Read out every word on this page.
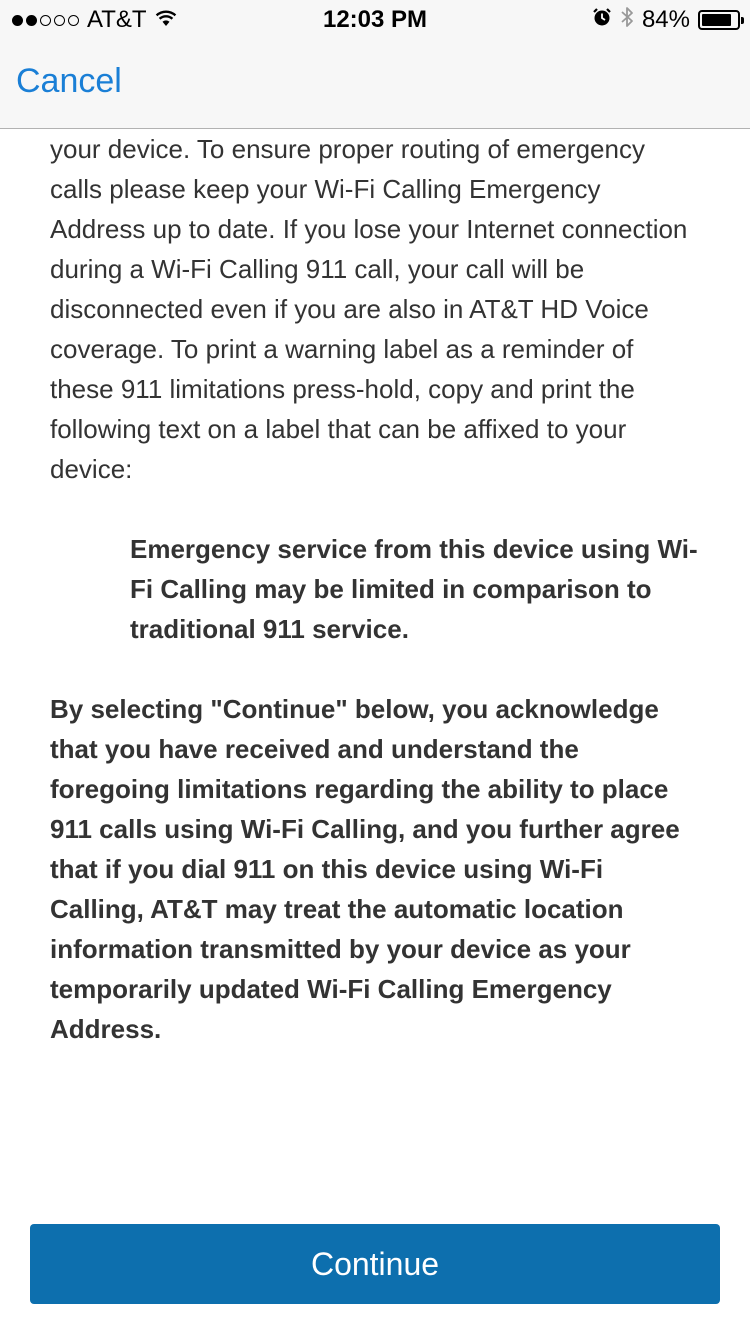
AT&T	12:03 PM	84%
Cancel

your device. To ensure proper routing of emergency calls please keep your Wi-Fi Calling Emergency Address up to date. If you lose your Internet connection during a Wi-Fi Calling 911 call, your call will be disconnected even if you are also in AT&T HD Voice coverage. To print a warning label as a reminder of these 911 limitations press-hold, copy and print the following text on a label that can be affixed to your device:

Emergency service from this device using Wi-Fi Calling may be limited in comparison to traditional 911 service.

By selecting "Continue" below, you acknowledge that you have received and understand the foregoing limitations regarding the ability to place 911 calls using Wi-Fi Calling, and you further agree that if you dial 911 on this device using Wi-Fi Calling, AT&T may treat the automatic location information transmitted by your device as your temporarily updated Wi-Fi Calling Emergency Address.

Continue
